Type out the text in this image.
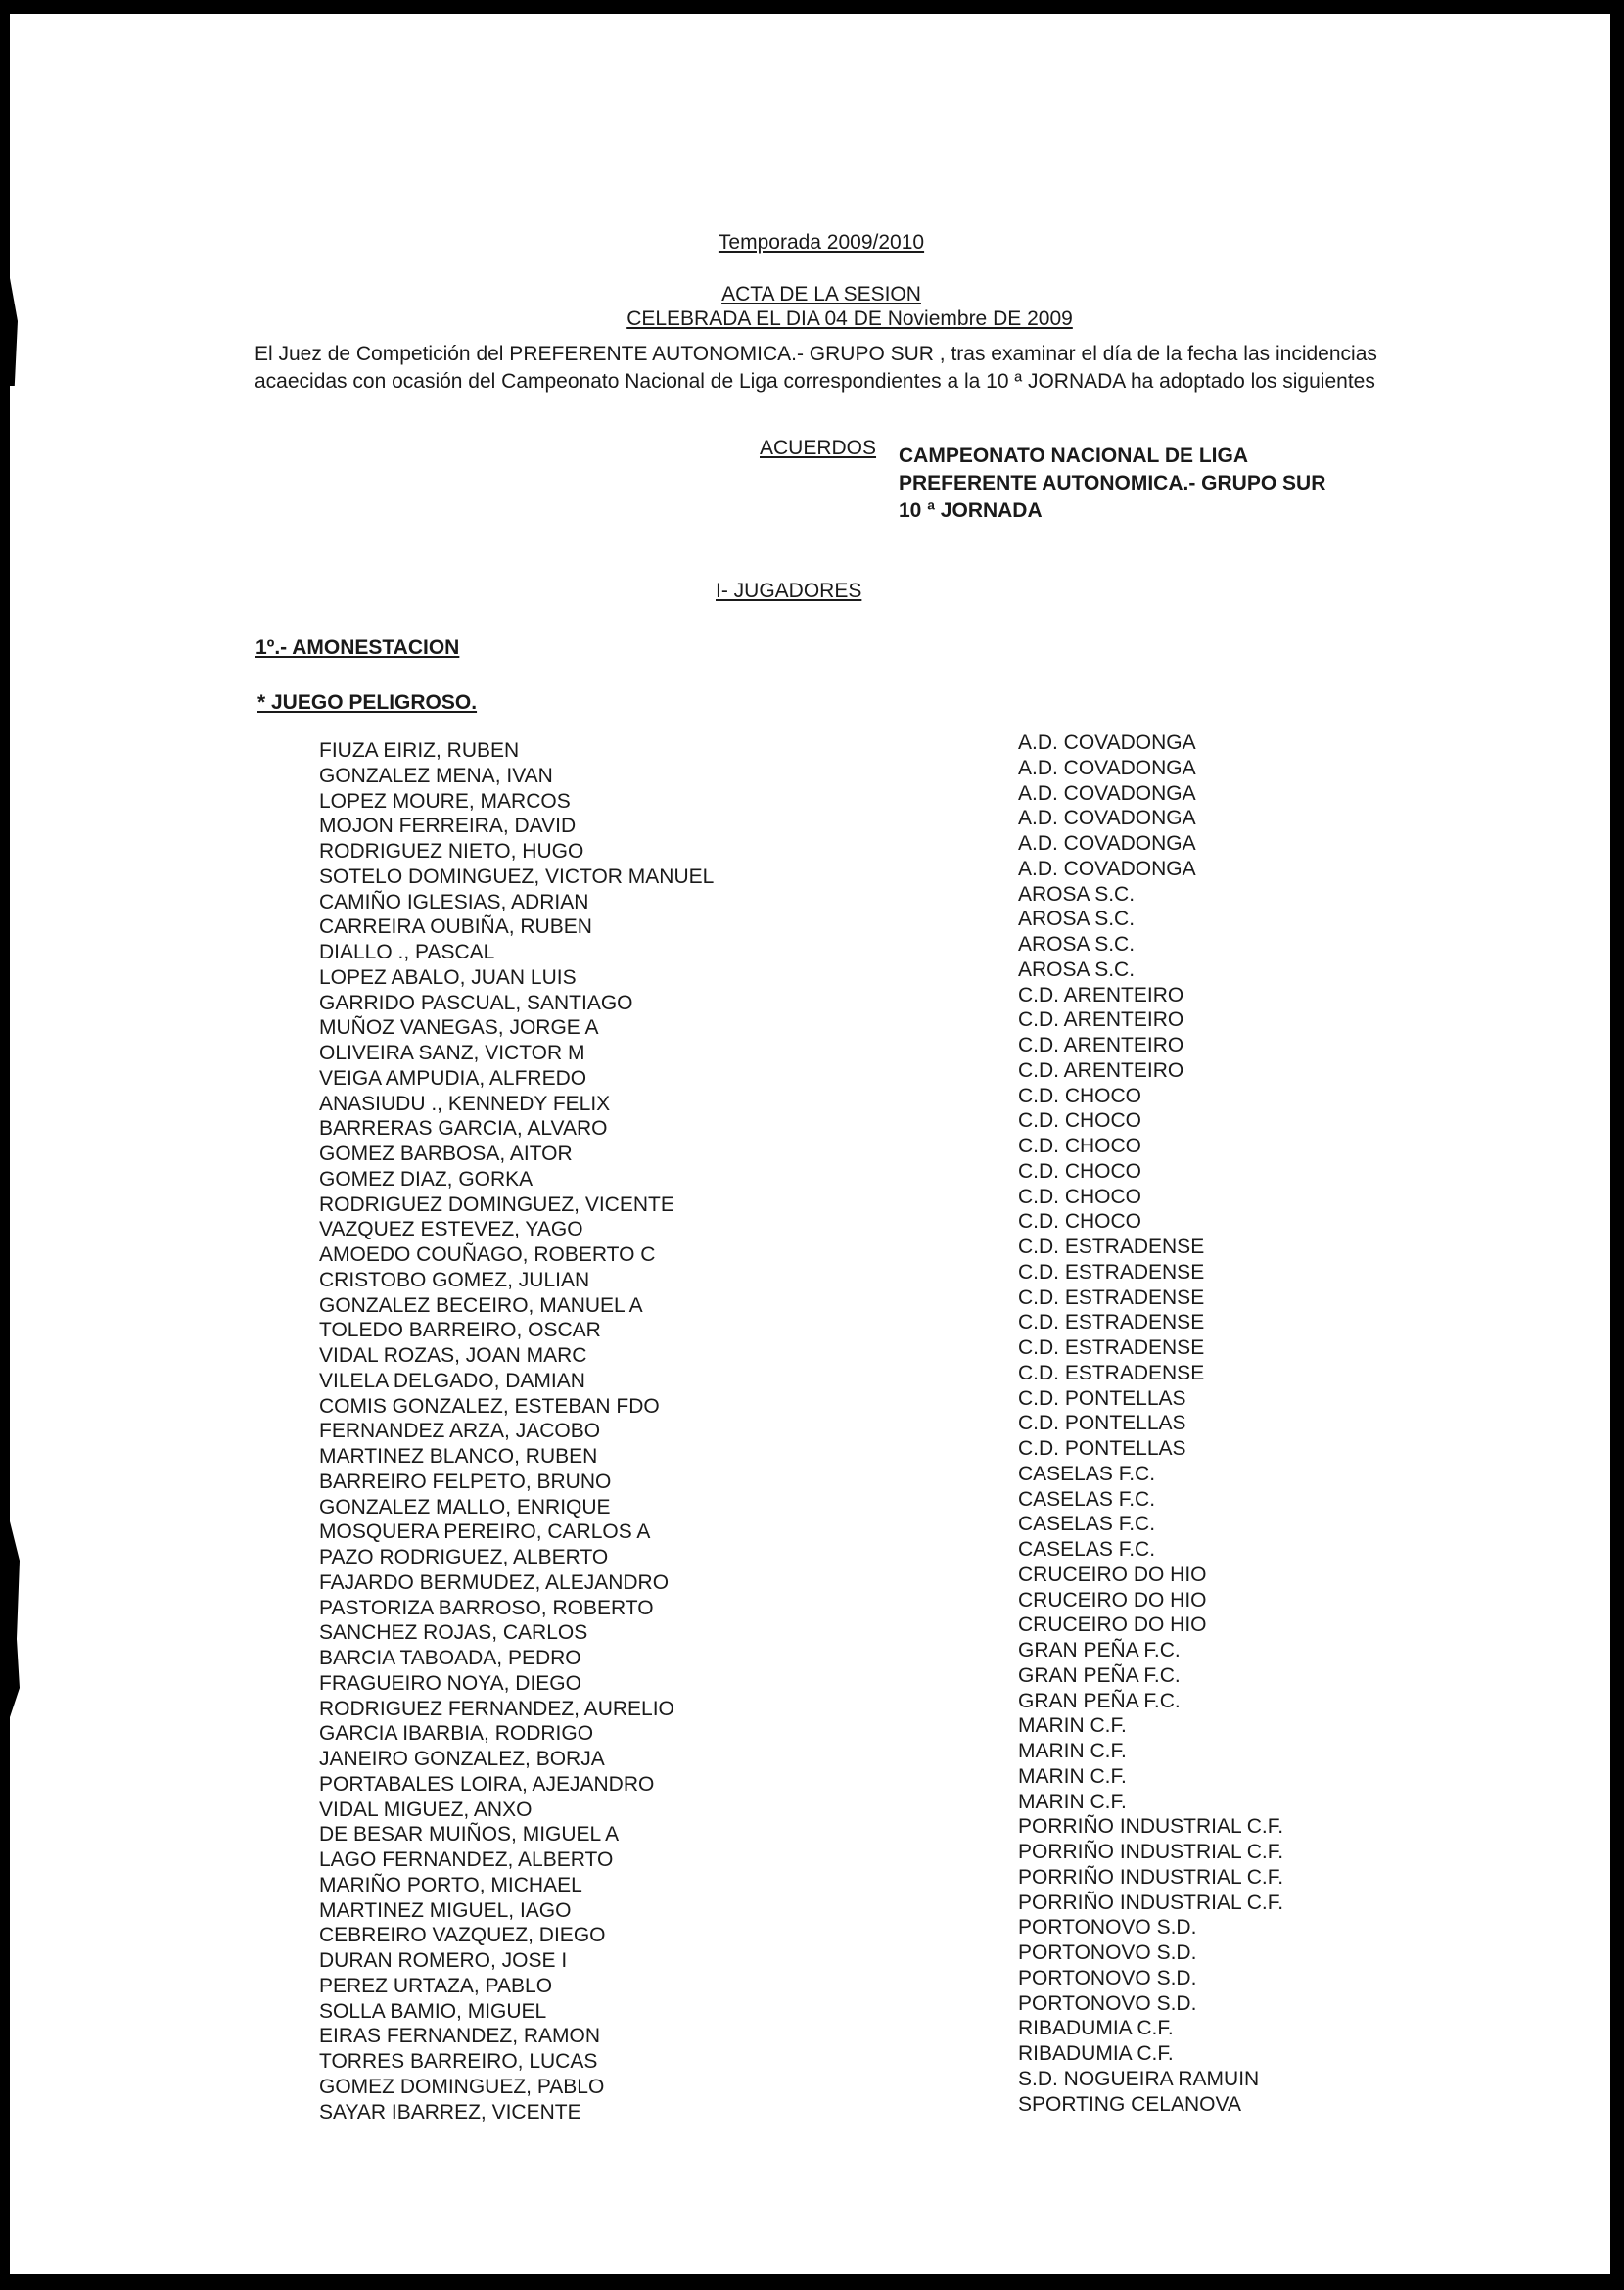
Temporada 2009/2010
ACTA DE LA SESION
CELEBRADA EL DIA 04 DE Noviembre DE 2009

El Juez de Competición del PREFERENTE AUTONOMICA.- GRUPO SUR , tras examinar el día de la fecha las incidencias

acaecidas con ocasión del Campeonato Nacional de Liga correspondientes a la 10 ª JORNADA ha adoptado los siguientes

ACUERDOS CAMPEONATO NACIONAL DE LIGA
PREFERENTE AUTONOMICA.- GRUPO SUR
10 ª JORNADA
I- JUGADORES
1º.- AMONESTACION
* JUEGO PELIGROSO.
FIUZA EIRIZ, RUBEN
GONZALEZ MENA, IVAN
LOPEZ MOURE, MARCOS
MOJON FERREIRA, DAVID
RODRIGUEZ NIETO, HUGO
SOTELO DOMINGUEZ, VICTOR MANUEL
CAMIÑO IGLESIAS, ADRIAN
CARREIRA OUBIÑA, RUBEN
DIALLO ., PASCAL
LOPEZ ABALO, JUAN LUIS
GARRIDO PASCUAL, SANTIAGO
MUÑOZ VANEGAS, JORGE A
OLIVEIRA SANZ, VICTOR M
VEIGA AMPUDIA, ALFREDO
ANASIUDU ., KENNEDY FELIX
BARRERAS GARCIA, ALVARO
GOMEZ BARBOSA, AITOR
GOMEZ DIAZ, GORKA
RODRIGUEZ DOMINGUEZ, VICENTE
VAZQUEZ ESTEVEZ, YAGO
AMOEDO COUÑAGO, ROBERTO C
CRISTOBO GOMEZ, JULIAN
GONZALEZ BECEIRO, MANUEL A
TOLEDO BARREIRO, OSCAR
VIDAL ROZAS, JOAN MARC
VILELA DELGADO, DAMIAN
COMIS GONZALEZ, ESTEBAN FDO
FERNANDEZ ARZA, JACOBO
MARTINEZ BLANCO, RUBEN
BARREIRO FELPETO, BRUNO
GONZALEZ MALLO, ENRIQUE
MOSQUERA PEREIRO, CARLOS A
PAZO RODRIGUEZ, ALBERTO
FAJARDO BERMUDEZ, ALEJANDRO
PASTORIZA BARROSO, ROBERTO
SANCHEZ ROJAS, CARLOS
BARCIA TABOADA, PEDRO
FRAGUEIRO NOYA, DIEGO
RODRIGUEZ FERNANDEZ, AURELIO
GARCIA IBARBIA, RODRIGO
JANEIRO GONZALEZ, BORJA
PORTABALES LOIRA, AJEJANDRO
VIDAL MIGUEZ, ANXO
DE BESAR MUIÑOS, MIGUEL A
LAGO FERNANDEZ, ALBERTO
MARIÑO PORTO, MICHAEL
MARTINEZ MIGUEL, IAGO
CEBREIRO VAZQUEZ, DIEGO
DURAN ROMERO, JOSE I
PEREZ URTAZA, PABLO
SOLLA BAMIO, MIGUEL
EIRAS FERNANDEZ, RAMON
TORRES BARREIRO, LUCAS
GOMEZ DOMINGUEZ, PABLO
SAYAR IBARREZ, VICENTE
A.D. COVADONGA
A.D. COVADONGA
A.D. COVADONGA
A.D. COVADONGA
A.D. COVADONGA
A.D. COVADONGA
AROSA S.C.
AROSA S.C.
AROSA S.C.
AROSA S.C.
C.D. ARENTEIRO
C.D. ARENTEIRO
C.D. ARENTEIRO
C.D. ARENTEIRO
C.D. CHOCO
C.D. CHOCO
C.D. CHOCO
C.D. CHOCO
C.D. CHOCO
C.D. CHOCO
C.D. ESTRADENSE
C.D. ESTRADENSE
C.D. ESTRADENSE
C.D. ESTRADENSE
C.D. ESTRADENSE
C.D. ESTRADENSE
C.D. PONTELLAS
C.D. PONTELLAS
C.D. PONTELLAS
CASELAS F.C.
CASELAS F.C.
CASELAS F.C.
CASELAS F.C.
CRUCEIRO DO HIO
CRUCEIRO DO HIO
CRUCEIRO DO HIO
GRAN PEÑA F.C.
GRAN PEÑA F.C.
GRAN PEÑA F.C.
MARIN C.F.
MARIN C.F.
MARIN C.F.
MARIN C.F.
PORRIÑO INDUSTRIAL C.F.
PORRIÑO INDUSTRIAL C.F.
PORRIÑO INDUSTRIAL C.F.
PORRIÑO INDUSTRIAL C.F.
PORTONOVO S.D.
PORTONOVO S.D.
PORTONOVO S.D.
PORTONOVO S.D.
RIBADUMIA C.F.
RIBADUMIA C.F.
S.D. NOGUEIRA RAMUIN
SPORTING CELANOVA
